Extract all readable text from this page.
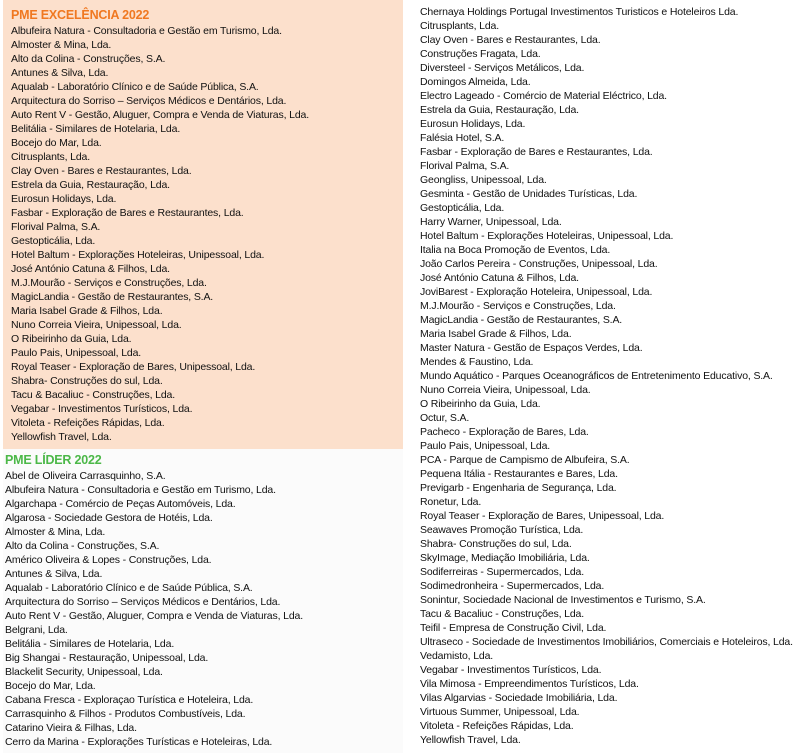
PME EXCELÊNCIA 2022
Albufeira Natura - Consultadoria e Gestão em Turismo, Lda.
Almoster & Mina, Lda.
Alto da Colina - Construções, S.A.
Antunes & Silva, Lda.
Aqualab - Laboratório Clínico e de Saúde Pública, S.A.
Arquitectura do Sorriso – Serviços Médicos e Dentários, Lda.
Auto Rent V - Gestão, Aluguer, Compra e Venda de Viaturas, Lda.
Belitália - Similares de Hotelaria, Lda.
Bocejo do Mar, Lda.
Citrusplants, Lda.
Clay Oven - Bares e Restaurantes, Lda.
Estrela da Guia, Restauração, Lda.
Eurosun Holidays, Lda.
Fasbar - Exploração de Bares e Restaurantes, Lda.
Florival Palma, S.A.
Gestopticália, Lda.
Hotel Baltum - Explorações Hoteleiras, Unipessoal, Lda.
José António Catuna & Filhos, Lda.
M.J.Mourão - Serviços e Construções, Lda.
MagicLandia - Gestão de Restaurantes, S.A.
Maria Isabel Grade & Filhos, Lda.
Nuno Correia Vieira, Unipessoal, Lda.
O Ribeirinho da Guia, Lda.
Paulo Pais, Unipessoal, Lda.
Royal Teaser - Exploração de Bares, Unipessoal, Lda.
Shabra- Construções do sul, Lda.
Tacu & Bacaliuc - Construções, Lda.
Vegabar - Investimentos Turísticos, Lda.
Vitoleta - Refeições Rápidas, Lda.
Yellowfish Travel, Lda.
PME LÍDER 2022
Abel de Oliveira Carrasquinho, S.A.
Albufeira Natura - Consultadoria e Gestão em Turismo, Lda.
Algarchapa - Comércio de Peças Automóveis, Lda.
Algarosa - Sociedade Gestora de Hotéis, Lda.
Almoster & Mina, Lda.
Alto da Colina - Construções, S.A.
Américo Oliveira & Lopes - Construções, Lda.
Antunes & Silva, Lda.
Aqualab - Laboratório Clínico e de Saúde Pública, S.A.
Arquitectura do Sorriso – Serviços Médicos e Dentários, Lda.
Auto Rent V - Gestão, Aluguer, Compra e Venda de Viaturas, Lda.
Belgrani, Lda.
Belitália - Similares de Hotelaria, Lda.
Big Shangai - Restauração, Unipessoal, Lda.
Blackelit Security, Unipessoal, Lda.
Bocejo do Mar, Lda.
Cabana Fresca - Exploraçao Turística e Hoteleira, Lda.
Carrasquinho & Filhos - Produtos Combustíveis, Lda.
Catarino Vieira & Filhas, Lda.
Cerro da Marina - Explorações Turísticas e Hoteleiras, Lda.
Chernaya Holdings Portugal Investimentos Turisticos e Hoteleiros Lda.
Citrusplants, Lda.
Clay Oven - Bares e Restaurantes, Lda.
Construções Fragata, Lda.
Diversteel - Serviços Metálicos, Lda.
Domingos Almeida, Lda.
Electro Lageado - Comércio de Material Eléctrico, Lda.
Estrela da Guia, Restauração, Lda.
Eurosun Holidays, Lda.
Falésia Hotel, S.A.
Fasbar - Exploração de Bares e Restaurantes, Lda.
Florival Palma, S.A.
Geongliss, Unipessoal, Lda.
Gesminta - Gestão de Unidades Turísticas, Lda.
Gestopticália, Lda.
Harry Warner, Unipessoal, Lda.
Hotel Baltum - Explorações Hoteleiras, Unipessoal, Lda.
Italia na Boca Promoção de Eventos, Lda.
João Carlos Pereira - Construções, Unipessoal, Lda.
José António Catuna & Filhos, Lda.
JoviBarest - Exploração Hoteleira, Unipessoal, Lda.
M.J.Mourão - Serviços e Construções, Lda.
MagicLandia - Gestão de Restaurantes, S.A.
Maria Isabel Grade & Filhos, Lda.
Master Natura - Gestão de Espaços Verdes, Lda.
Mendes & Faustino, Lda.
Mundo Aquático - Parques Oceanográficos de Entretenimento Educativo, S.A.
Nuno Correia Vieira, Unipessoal, Lda.
O Ribeirinho da Guia, Lda.
Octur, S.A.
Pacheco - Exploração de Bares, Lda.
Paulo Pais, Unipessoal, Lda.
PCA - Parque de Campismo de Albufeira, S.A.
Pequena Itália - Restaurantes e Bares, Lda.
Previgarb - Engenharia de Segurança, Lda.
Ronetur, Lda.
Royal Teaser - Exploração de Bares, Unipessoal, Lda.
Seawaves Promoção Turística, Lda.
Shabra- Construções do sul, Lda.
SkyImage, Mediação Imobiliária, Lda.
Sodiferreiras - Supermercados, Lda.
Sodimedronheira - Supermercados, Lda.
Sonintur, Sociedade Nacional de Investimentos e Turismo, S.A.
Tacu & Bacaliuc - Construções, Lda.
Teifil - Empresa de Construção Civil, Lda.
Ultraseco - Sociedade de Investimentos Imobiliários, Comerciais e Hoteleiros, Lda.
Vedamisto, Lda.
Vegabar - Investimentos Turísticos, Lda.
Vila Mimosa - Empreendimentos Turísticos, Lda.
Vilas Algarvias - Sociedade Imobiliária, Lda.
Virtuous Summer, Unipessoal, Lda.
Vitoleta - Refeições Rápidas, Lda.
Yellowfish Travel, Lda.
